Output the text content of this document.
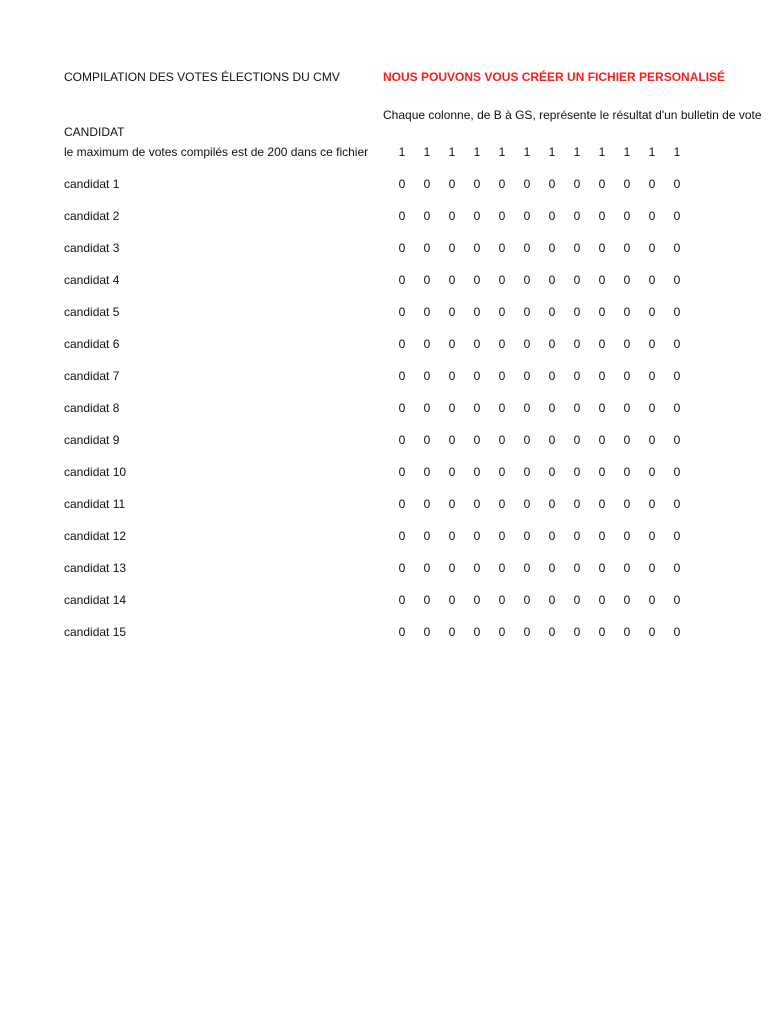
COMPILATION DES VOTES ÉLECTIONS DU CMV	NOUS POUVONS VOUS CRÉER UN FICHIER PERSONALISÉ
Chaque colonne, de B à GS, représente le résultat d'un bulletin de vote
CANDIDAT
le maximum de votes compilés est de 200 dans ce fichier	1	1	1	1	1	1	1	1	1	1	1	1
candidat 1	0	0	0	0	0	0	0	0	0	0	0	0
candidat 2	0	0	0	0	0	0	0	0	0	0	0	0
candidat 3	0	0	0	0	0	0	0	0	0	0	0	0
candidat 4	0	0	0	0	0	0	0	0	0	0	0	0
candidat 5	0	0	0	0	0	0	0	0	0	0	0	0
candidat 6	0	0	0	0	0	0	0	0	0	0	0	0
candidat 7	0	0	0	0	0	0	0	0	0	0	0	0
candidat 8	0	0	0	0	0	0	0	0	0	0	0	0
candidat 9	0	0	0	0	0	0	0	0	0	0	0	0
candidat 10	0	0	0	0	0	0	0	0	0	0	0	0
candidat 11	0	0	0	0	0	0	0	0	0	0	0	0
candidat 12	0	0	0	0	0	0	0	0	0	0	0	0
candidat 13	0	0	0	0	0	0	0	0	0	0	0	0
candidat 14	0	0	0	0	0	0	0	0	0	0	0	0
candidat 15	0	0	0	0	0	0	0	0	0	0	0	0
